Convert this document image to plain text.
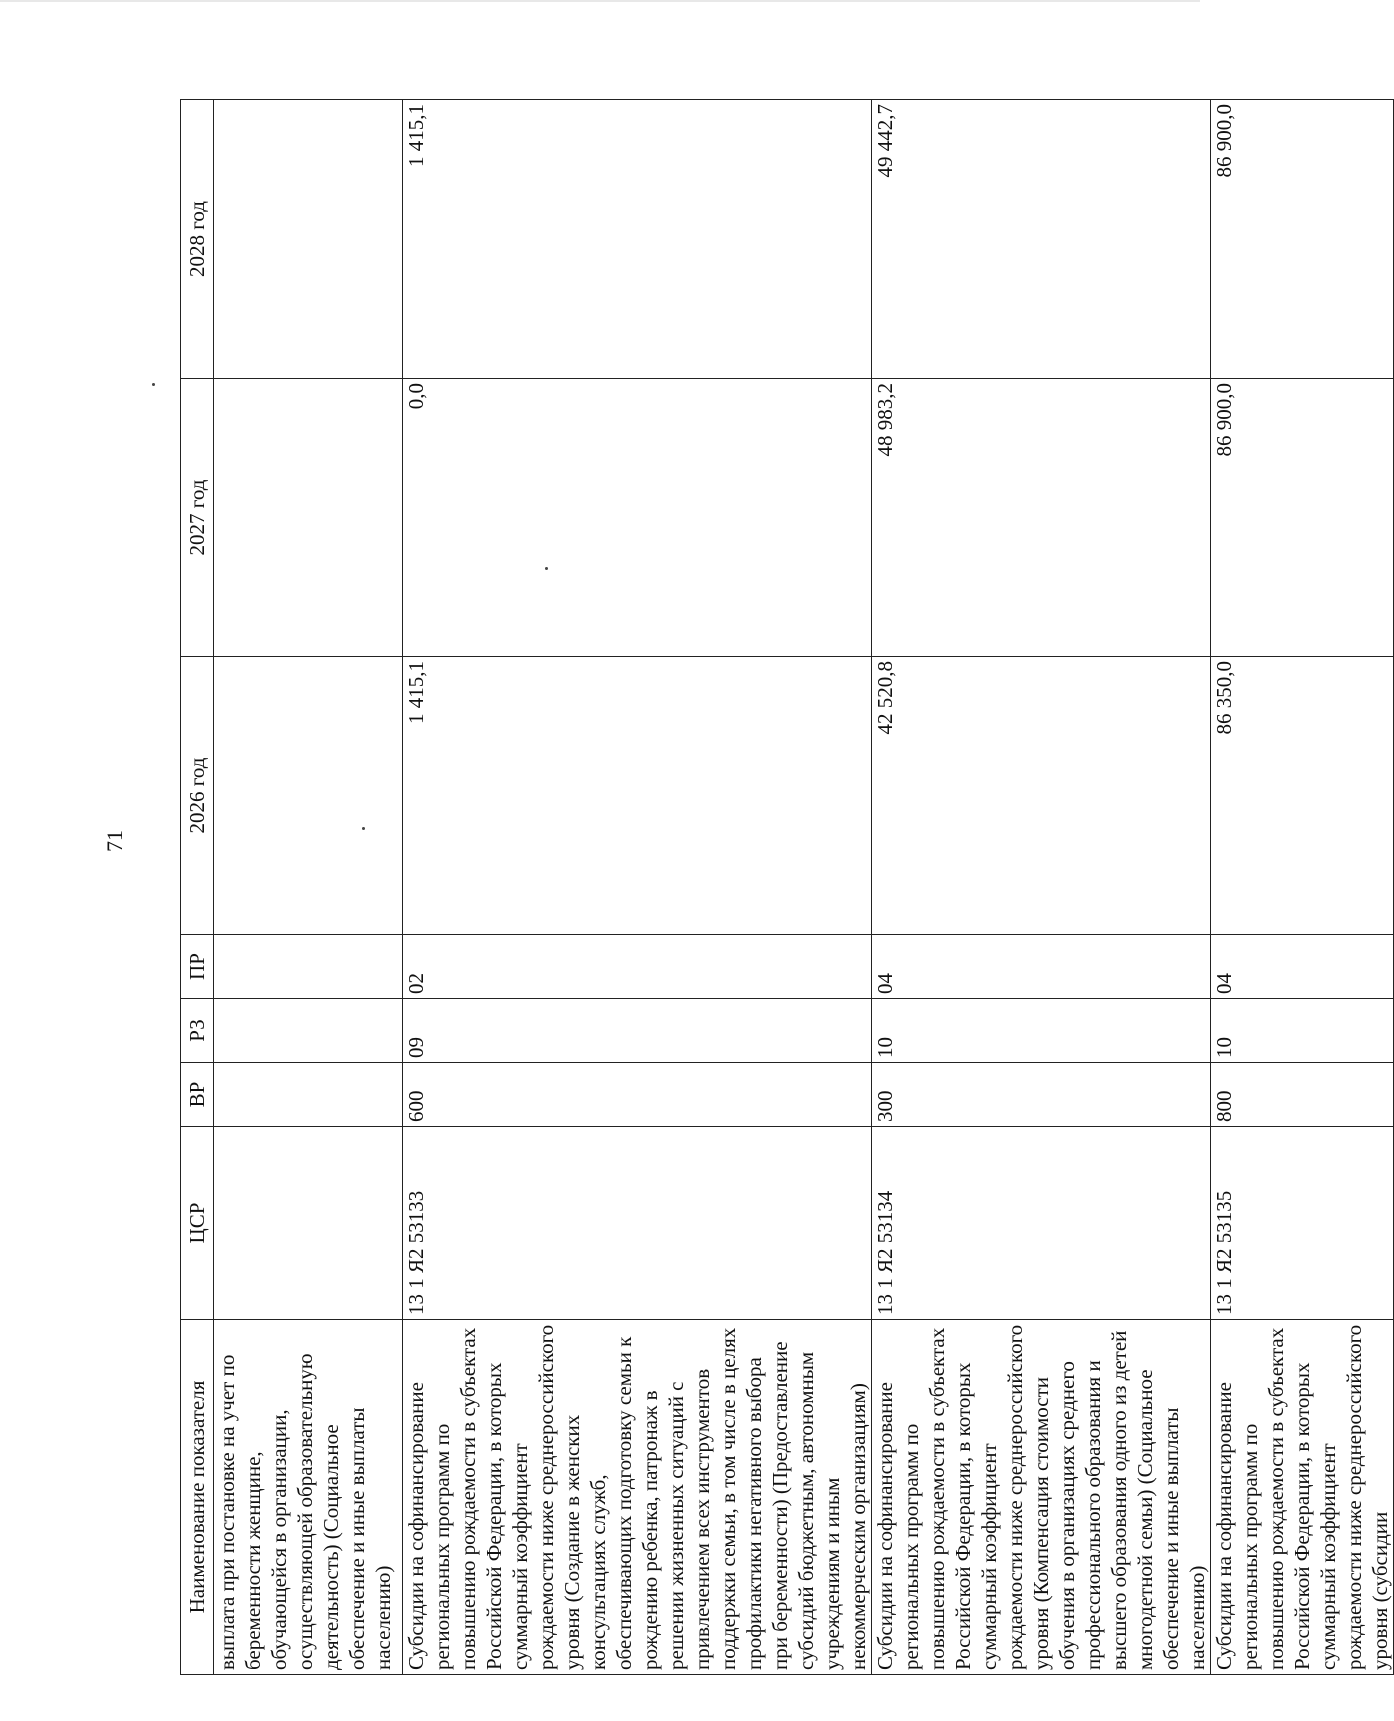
71
Наименование показателя	ЦСР	ВР	РЗ	ПР	2026 год	2027 год	2028 год
выплата при постановке на учет по беременности женщине, обучающейся в организации, осуществляющей образовательную деятельность) (Социальное обеспечение и иные выплаты населению)							
Субсидии на софинансирование региональных программ по повышению рождаемости в субъектах Российской Федерации, в которых суммарный коэффициент рождаемости ниже среднероссийского уровня (Создание в женских консультациях служб, обеспечивающих подготовку семьи к рождению ребенка, патронаж в решении жизненных ситуаций с привлечением всех инструментов поддержки семьи, в том числе в целях профилактики негативного выбора при беременности) (Предоставление субсидий бюджетным, автономным учреждениям и иным некоммерческим организациям)	13 1 Я2 53133	600	09	02	1 415,1	0,0	1 415,1
Субсидии на софинансирование региональных программ по повышению рождаемости в субъектах Российской Федерации, в которых суммарный коэффициент рождаемости ниже среднероссийского уровня (Компенсация стоимости обучения в организациях среднего профессионального образования и высшего образования одного из детей многодетной семьи) (Социальное обеспечение и иные выплаты населению)	13 1 Я2 53134	300	10	04	42 520,8	48 983,2	49 442,7
Субсидии на софинансирование региональных программ по повышению рождаемости в субъектах Российской Федерации, в которых суммарный коэффициент рождаемости ниже среднероссийского уровня (субсидии	13 1 Я2 53135	800	10	04	86 350,0	86 900,0	86 900,0
